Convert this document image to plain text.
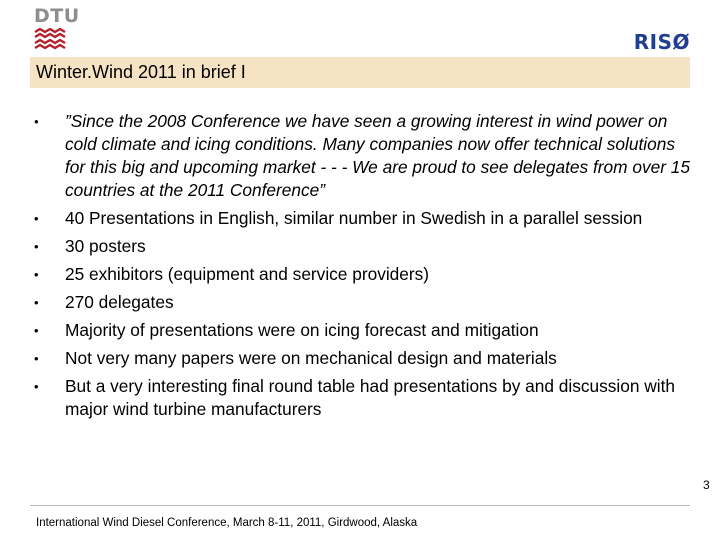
DTU
RISØ
Winter.Wind 2011 in brief I
• ”Since the 2008 Conference we have seen a growing interest in wind power on cold climate and icing conditions. Many companies now offer technical solutions for this big and upcoming market - - - We are proud to see delegates from over 15 countries at the 2011 Conference”
• 40 Presentations in English, similar number in Swedish in a parallel session
• 30 posters
• 25 exhibitors (equipment and service providers)
• 270 delegates
• Majority of presentations were on icing forecast and mitigation
• Not very many papers were on mechanical design and materials
• But a very interesting final round table had presentations by and discussion with major wind turbine manufacturers
International Wind Diesel Conference, March 8-11, 2011, Girdwood, Alaska
3
